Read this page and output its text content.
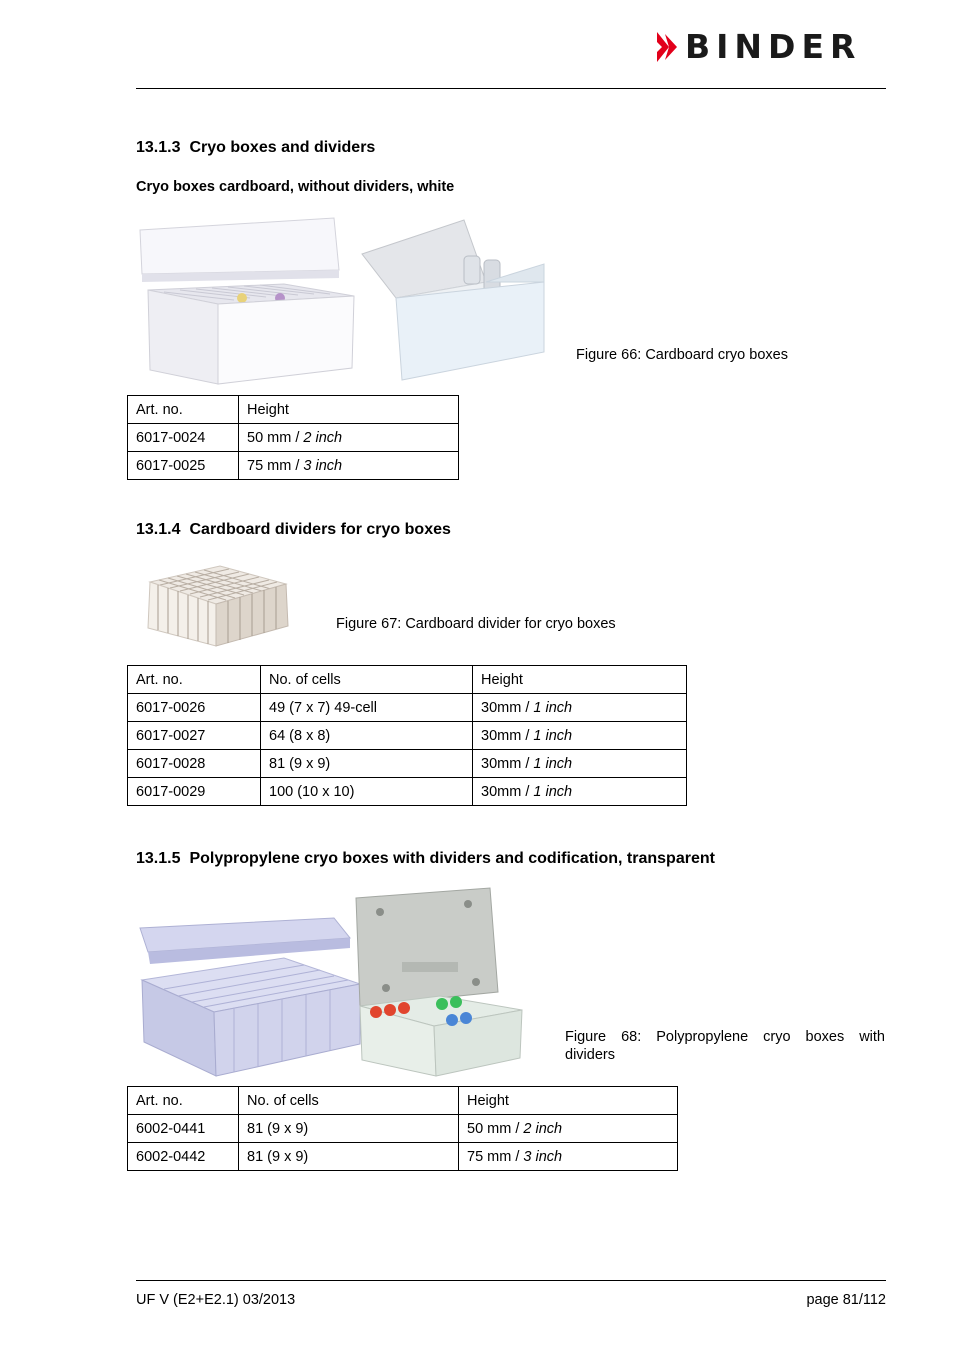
BINDER
13.1.3 Cryo boxes and dividers
Cryo boxes cardboard, without dividers, white
Figure 66: Cardboard cryo boxes
Art. no.	Height
6017-0024	50 mm / 2 inch
6017-0025	75 mm / 3 inch
13.1.4 Cardboard dividers for cryo boxes
Figure 67: Cardboard divider for cryo boxes
Art. no.	No. of cells	Height
6017-0026	49 (7 x 7) 49-cell	30mm / 1 inch
6017-0027	64 (8 x 8)	30mm / 1 inch
6017-0028	81 (9 x 9)	30mm / 1 inch
6017-0029	100 (10 x 10)	30mm / 1 inch
13.1.5 Polypropylene cryo boxes with dividers and codification, transparent
Figure 68: Polypropylene cryo boxes with
dividers
Art. no.	No. of cells	Height
6002-0441	81 (9 x 9)	50 mm / 2 inch
6002-0442	81 (9 x 9)	75 mm / 3 inch
UF V (E2+E2.1) 03/2013	page 81/112
